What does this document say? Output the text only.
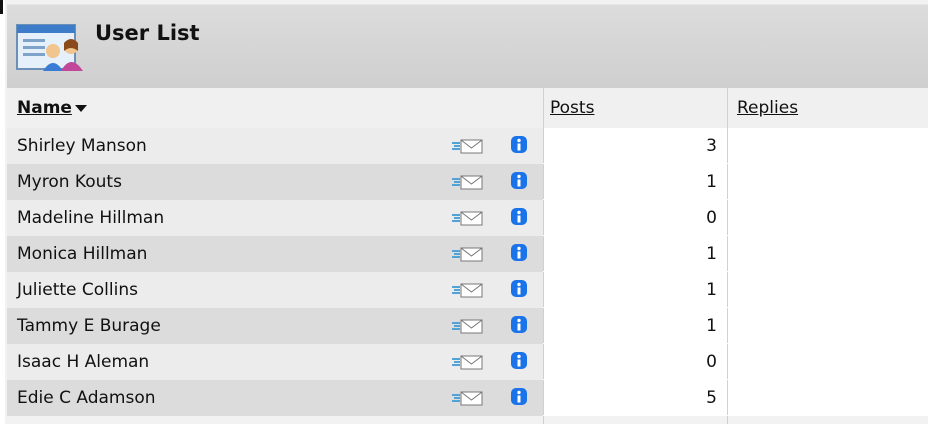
User List
Name	Posts	Replies
Shirley Manson	3
Myron Kouts	1
Madeline Hillman	0
Monica Hillman	1
Juliette Collins	1
Tammy E Burage	1
Isaac H Aleman	0
Edie C Adamson	5
